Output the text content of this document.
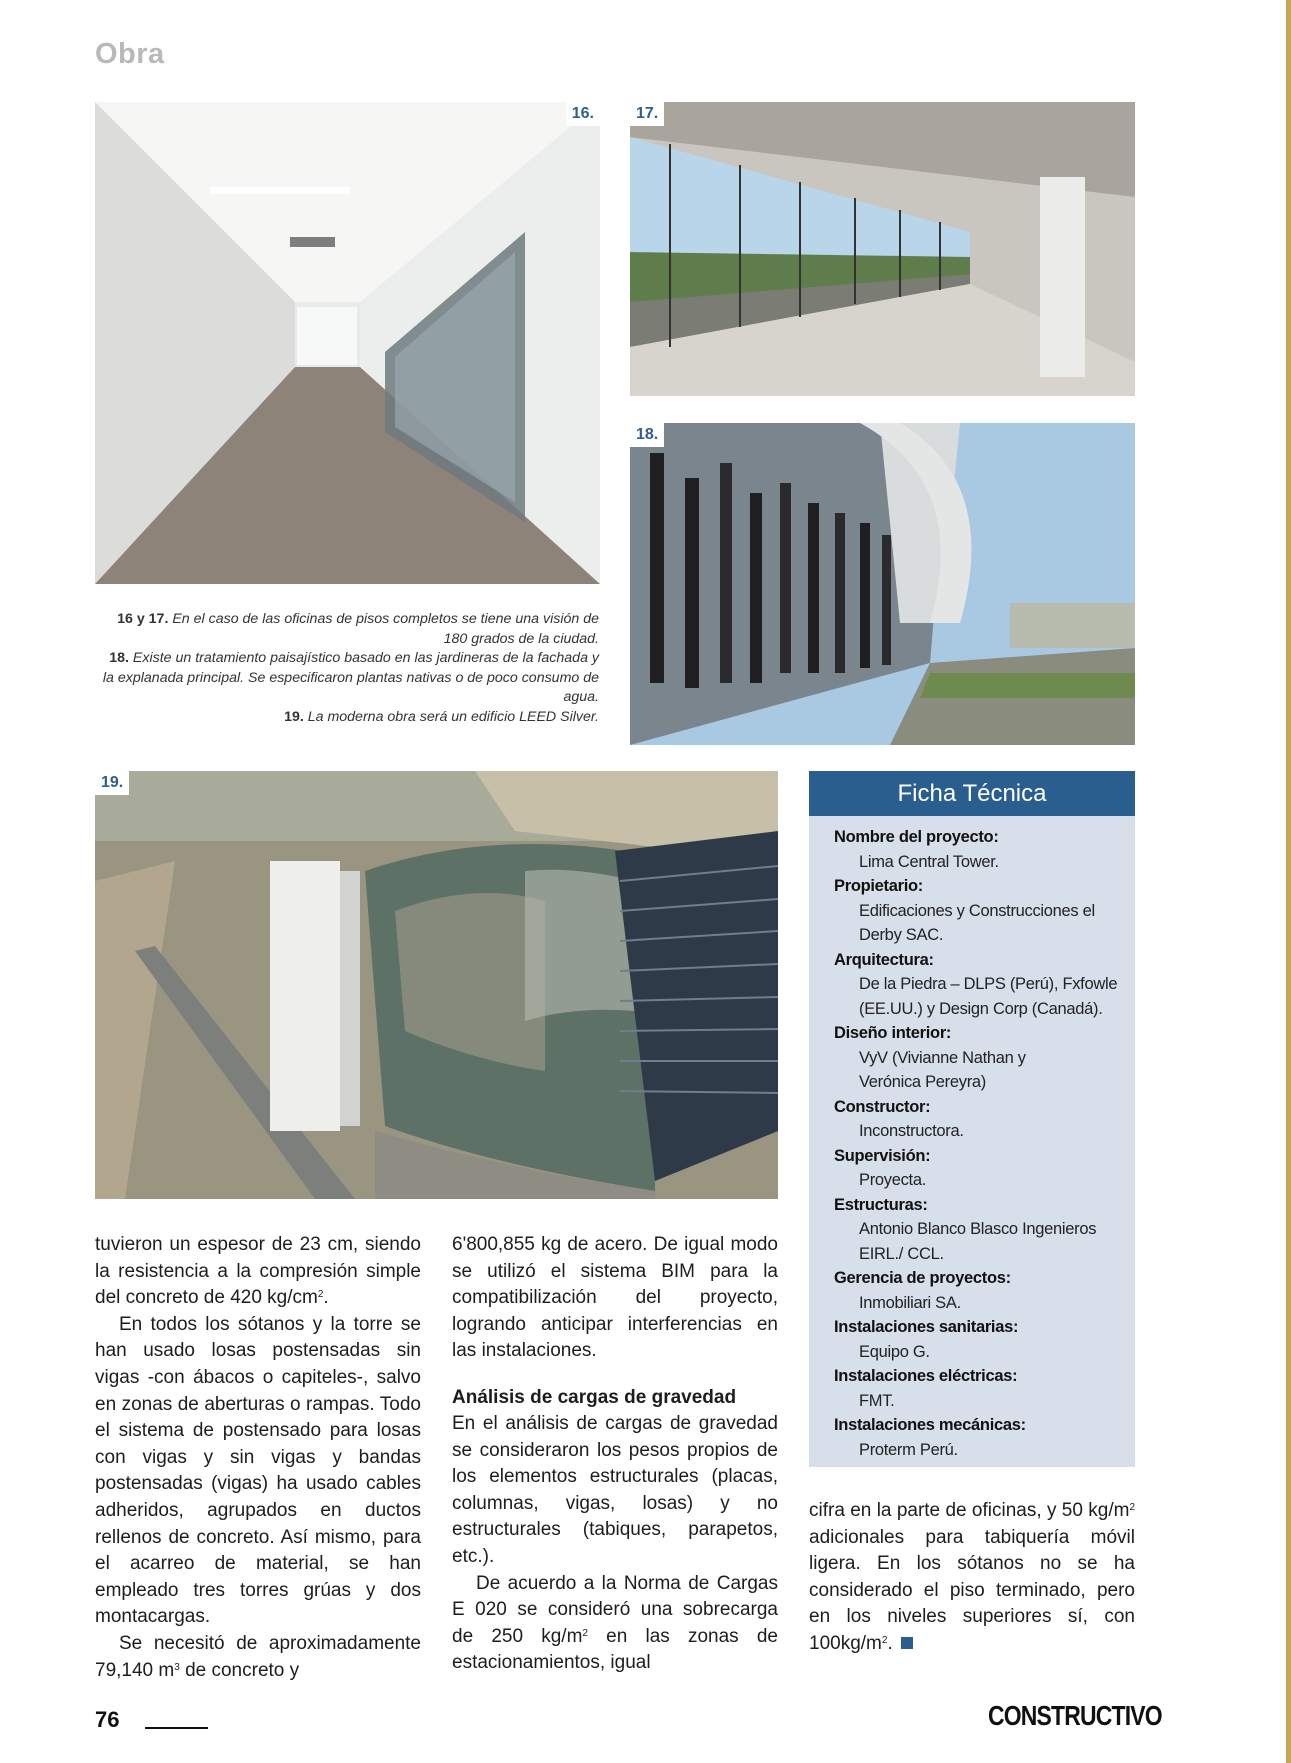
Obra
16.	17.
18.

16 y 17. En el caso de las oficinas de pisos completos se tiene una visión de 180 grados de la ciudad.

18. Existe un tratamiento paisajístico basado en las jardineras de la fachada y la explanada principal. Se especificaron plantas nativas o de poco consumo de agua.

19. La moderna obra será un edificio LEED Silver.

19.

tuvieron un espesor de 23 cm, siendo la resistencia a la compresión simple del concreto de 420 $kg/cm^2$.

En todos los sótanos y la torre se han usado losas postensadas sin vigas -con ábacos o capiteles-, salvo en zonas de aberturas o rampas. Todo el sistema de postensado para losas con vigas y sin vigas y bandas postensadas (vigas) ha usado cables adheridos, agrupados en ductos rellenos de concreto. Así mismo, para el acarreo de material, se han empleado tres torres grúas y dos montacargas.

Se necesitó de aproximadamente 79,140 $m^3$ de concreto y

6'800,855 kg de acero. De igual modo se utilizó el sistema BIM para la compatibilización del proyecto, logrando anticipar interferencias en las instalaciones.

Análisis de cargas de gravedad

En el análisis de cargas de gravedad se consideraron los pesos propios de los elementos estructurales (placas, columnas, vigas, losas) y no estructurales (tabiques, parapetos, etc.).

De acuerdo a la Norma de Cargas E 020 se consideró una sobrecarga de 250 $kg/m^2$ en las zonas de estacionamientos, igual

Ficha Técnica
Nombre del proyecto:
Lima Central Tower.
Propietario:
Edificaciones y Construcciones el
Derby SAC.
Arquitectura:
De la Piedra – DLPS (Perú), Fxfowle
(EE.UU.) y Design Corp (Canadá).
Diseño interior:
VyV (Vivianne Nathan y
Verónica Pereyra)
Constructor:
Inconstructora.
Supervisión:
Proyecta.
Estructuras:
Antonio Blanco Blasco Ingenieros
EIRL./ CCL.
Gerencia de proyectos:
Inmobiliari SA.
Instalaciones sanitarias:
Equipo G.
Instalaciones eléctricas:
FMT.
Instalaciones mecánicas:
Proterm Perú.

cifra en la parte de oficinas, y 50 $kg/m^2$ adicionales para tabiquería móvil ligera. En los sótanos no se ha considerado el piso terminado, pero en los niveles superiores sí, con $100kg/m^2$.

76	CONSTRUCTIVO
